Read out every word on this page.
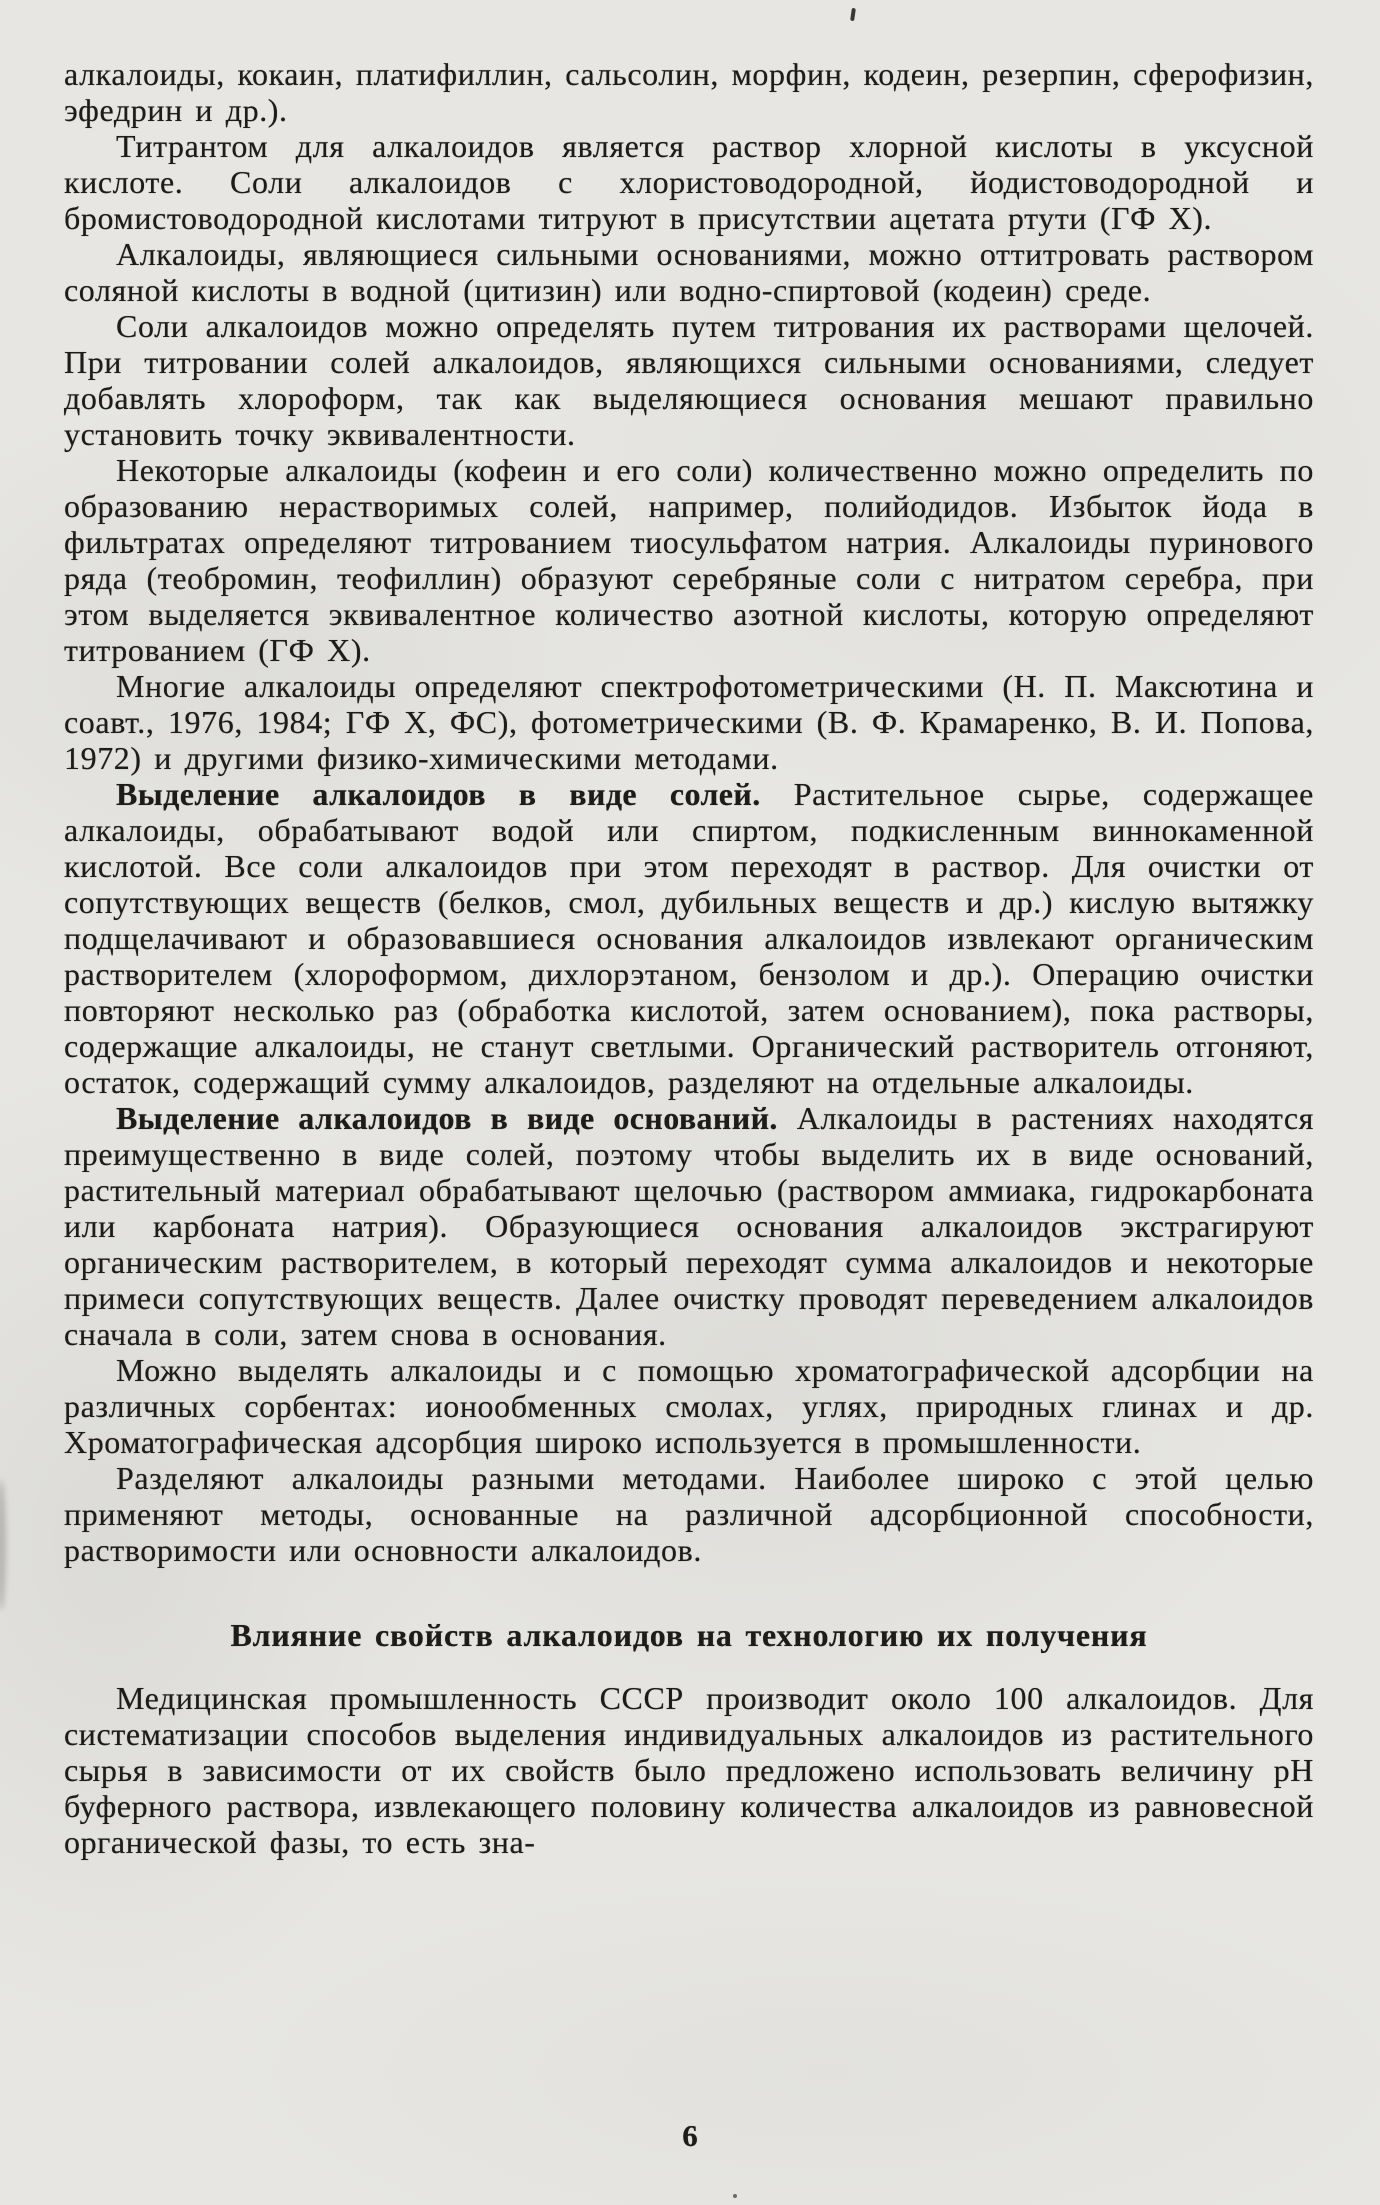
алкалоиды, кокаин, платифиллин, сальсолин, морфин, кодеин, резерпин, сферофизин, эфедрин и др.).

Титрантом для алкалоидов является раствор хлорной кислоты в уксусной кислоте. Соли алкалоидов с хлористоводородной, йодистоводородной и бромистоводородной кислотами титруют в присутствии ацетата ртути (ГФ X).

Алкалоиды, являющиеся сильными основаниями, можно оттитровать раствором соляной кислоты в водной (цитизин) или водно-спиртовой (кодеин) среде.

Соли алкалоидов можно определять путем титрования их растворами щелочей. При титровании солей алкалоидов, являющихся сильными основаниями, следует добавлять хлороформ, так как выделяющиеся основания мешают правильно установить точку эквивалентности.

Некоторые алкалоиды (кофеин и его соли) количественно можно определить по образованию нерастворимых солей, например, полийодидов. Избыток йода в фильтратах определяют титрованием тиосульфатом натрия. Алкалоиды пуринового ряда (теобромин, теофиллин) образуют серебряные соли с нитратом серебра, при этом выделяется эквивалентное количество азотной кислоты, которую определяют титрованием (ГФ X).

Многие алкалоиды определяют спектрофотометрическими (Н. П. Максютина и соавт., 1976, 1984; ГФ X, ФС), фотометрическими (В. Ф. Крамаренко, В. И. Попова, 1972) и другими физико-химическими методами.

Выделение алкалоидов в виде солей. Растительное сырье, содержащее алкалоиды, обрабатывают водой или спиртом, подкисленным виннокаменной кислотой. Все соли алкалоидов при этом переходят в раствор. Для очистки от сопутствующих веществ (белков, смол, дубильных веществ и др.) кислую вытяжку подщелачивают и образовавшиеся основания алкалоидов извлекают органическим растворителем (хлороформом, дихлорэтаном, бензолом и др.). Операцию очистки повторяют несколько раз (обработка кислотой, затем основанием), пока растворы, содержащие алкалоиды, не станут светлыми. Органический растворитель отгоняют, остаток, содержащий сумму алкалоидов, разделяют на отдельные алкалоиды.

Выделение алкалоидов в виде оснований. Алкалоиды в растениях находятся преимущественно в виде солей, поэтому чтобы выделить их в виде оснований, растительный материал обрабатывают щелочью (раствором аммиака, гидрокарбоната или карбоната натрия). Образующиеся основания алкалоидов экстрагируют органическим растворителем, в который переходят сумма алкалоидов и некоторые примеси сопутствующих веществ. Далее очистку проводят переведением алкалоидов сначала в соли, затем снова в основания.

Можно выделять алкалоиды и с помощью хроматографической адсорбции на различных сорбентах: ионообменных смолах, углях, природных глинах и др. Хроматографическая адсорбция широко используется в промышленности.

Разделяют алкалоиды разными методами. Наиболее широко с этой целью применяют методы, основанные на различной адсорбционной способности, растворимости или основности алкалоидов.

Влияние свойств алкалоидов на технологию их получения

Медицинская промышленность СССР производит около 100 алкалоидов. Для систематизации способов выделения индивидуальных алкалоидов из растительного сырья в зависимости от их свойств было предложено использовать величину рН буферного раствора, извлекающего половину количества алкалоидов из равновесной органической фазы, то есть зна-

6
